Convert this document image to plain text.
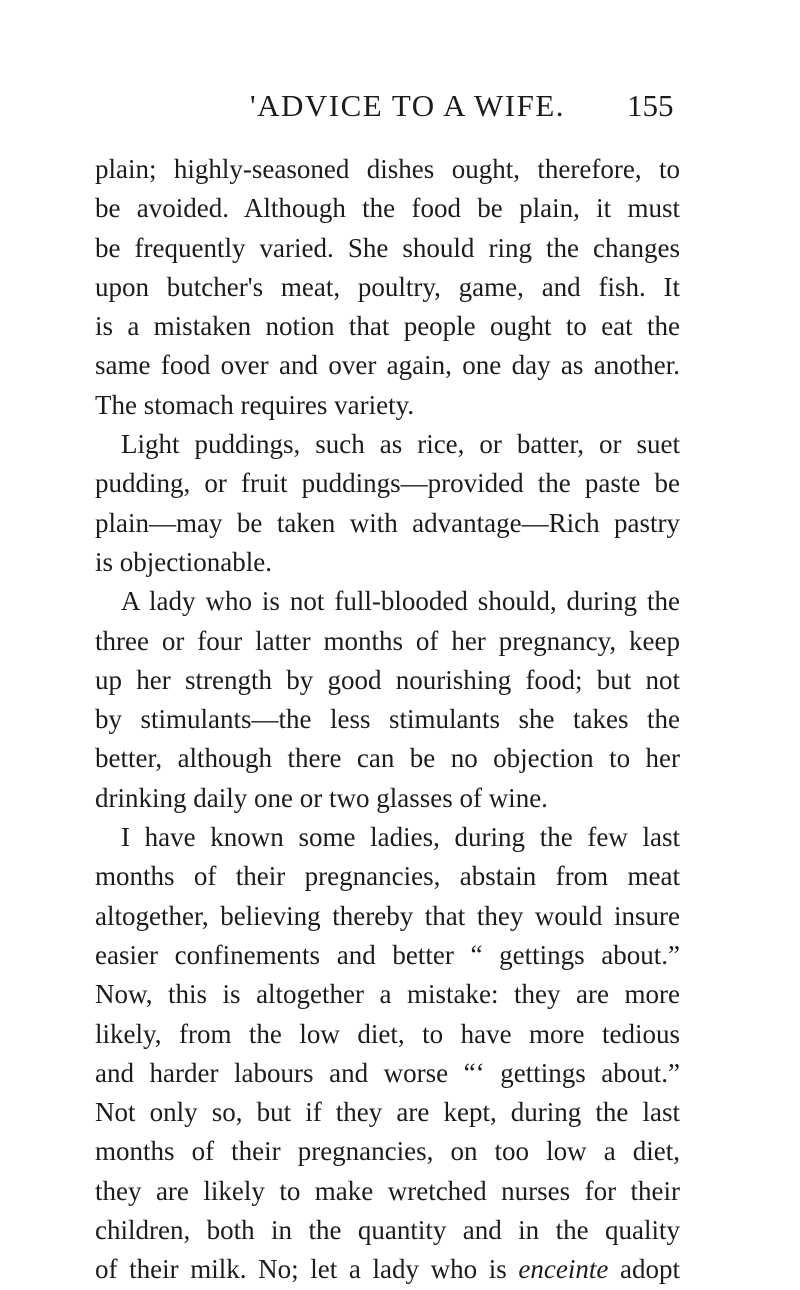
'ADVICE TO A WIFE. 155
plain; highly-seasoned dishes ought, therefore, to
be avoided. Although the food be plain, it must
be frequently varied. She should ring the changes
upon butcher's meat, poultry, game, and fish. It
is a mistaken notion that people ought to eat the
same food over and over again, one day as another.
The stomach requires variety.
Light puddings, such as rice, or batter, or suet
pudding, or fruit puddings—provided the paste be
plain—may be taken with advantage—Rich pastry
is objectionable.
A lady who is not full-blooded should, during the
three or four latter months of her pregnancy, keep
up her strength by good nourishing food; but not
by stimulants—the less stimulants she takes the
better, although there can be no objection to her
drinking daily one or two glasses of wine.
I have known some ladies, during the few last
months of their pregnancies, abstain from meat
altogether, believing thereby that they would insure
easier confinements and better “ gettings about.”
Now, this is altogether a mistake: they are more
likely, from the low diet, to have more tedious
and harder labours and worse “‘ gettings about.”
Not only so, but if they are kept, during the last
months of their pregnancies, on too low a diet,
they are likely to make wretched nurses for their
children, both in the quantity and in the quality
of their milk. No; let a lady who is enceinte adopt
